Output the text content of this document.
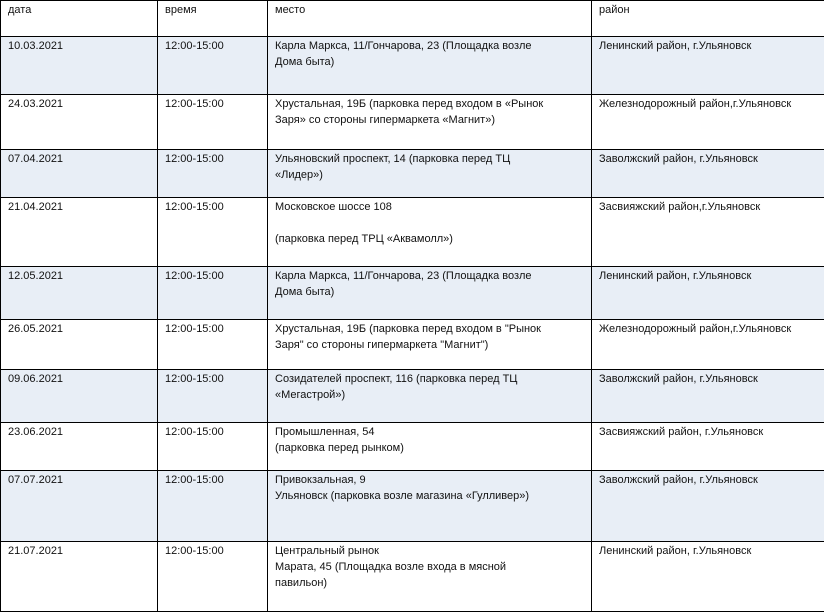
дата	время	место	район
10.03.2021	12:00-15:00	Карла Маркса, 11/Гончарова, 23 (Площадка возле
Дома быта)	Ленинский район, г.Ульяновск
24.03.2021	12:00-15:00	Хрустальная, 19Б (парковка перед входом в «Рынок
Заря» со стороны гипермаркета «Магнит»)	Железнодорожный район,г.Ульяновск
07.04.2021	12:00-15:00	Ульяновский проспект, 14 (парковка перед ТЦ
«Лидер»)	Заволжский район, г.Ульяновск
21.04.2021	12:00-15:00	Московское шоссе 108

(парковка перед ТРЦ «Аквамолл»)	Засвияжский район,г.Ульяновск
12.05.2021	12:00-15:00	Карла Маркса, 11/Гончарова, 23 (Площадка возле
Дома быта)	Ленинский район, г.Ульяновск
26.05.2021	12:00-15:00	Хрустальная, 19Б (парковка перед входом в "Рынок
Заря" со стороны гипермаркета "Магнит")	Железнодорожный район,г.Ульяновск
09.06.2021	12:00-15:00	Созидателей проспект, 116 (парковка перед ТЦ
«Мегастрой»)	Заволжский район, г.Ульяновск
23.06.2021	12:00-15:00	Промышленная, 54
(парковка перед рынком)	Засвияжский район, г.Ульяновск
07.07.2021	12:00-15:00	Привокзальная, 9
Ульяновск (парковка возле магазина «Гулливер»)	Заволжский район, г.Ульяновск
21.07.2021	12:00-15:00	Центральный рынок
Марата, 45 (Площадка возле входа в мясной
павильон)	Ленинский район, г.Ульяновск
